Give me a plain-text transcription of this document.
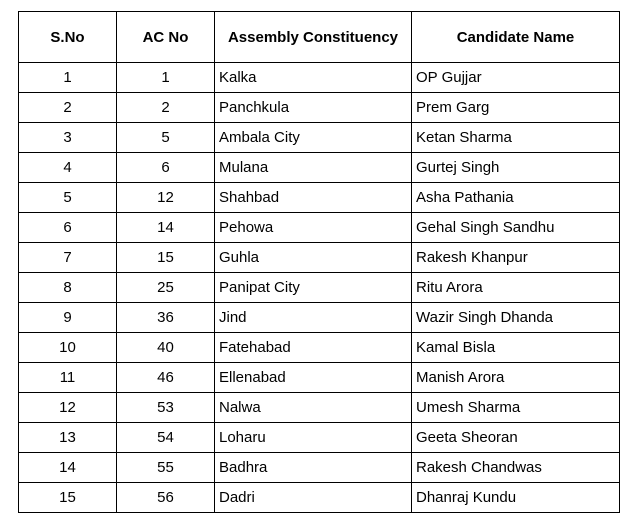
S.No	AC No	Assembly Constituency	Candidate Name
1	1	Kalka	OP Gujjar
2	2	Panchkula	Prem Garg
3	5	Ambala City	Ketan Sharma
4	6	Mulana	Gurtej Singh
5	12	Shahbad	Asha Pathania
6	14	Pehowa	Gehal Singh Sandhu
7	15	Guhla	Rakesh Khanpur
8	25	Panipat City	Ritu Arora
9	36	Jind	Wazir Singh Dhanda
10	40	Fatehabad	Kamal Bisla
11	46	Ellenabad	Manish Arora
12	53	Nalwa	Umesh Sharma
13	54	Loharu	Geeta Sheoran
14	55	Badhra	Rakesh Chandwas
15	56	Dadri	Dhanraj Kundu
